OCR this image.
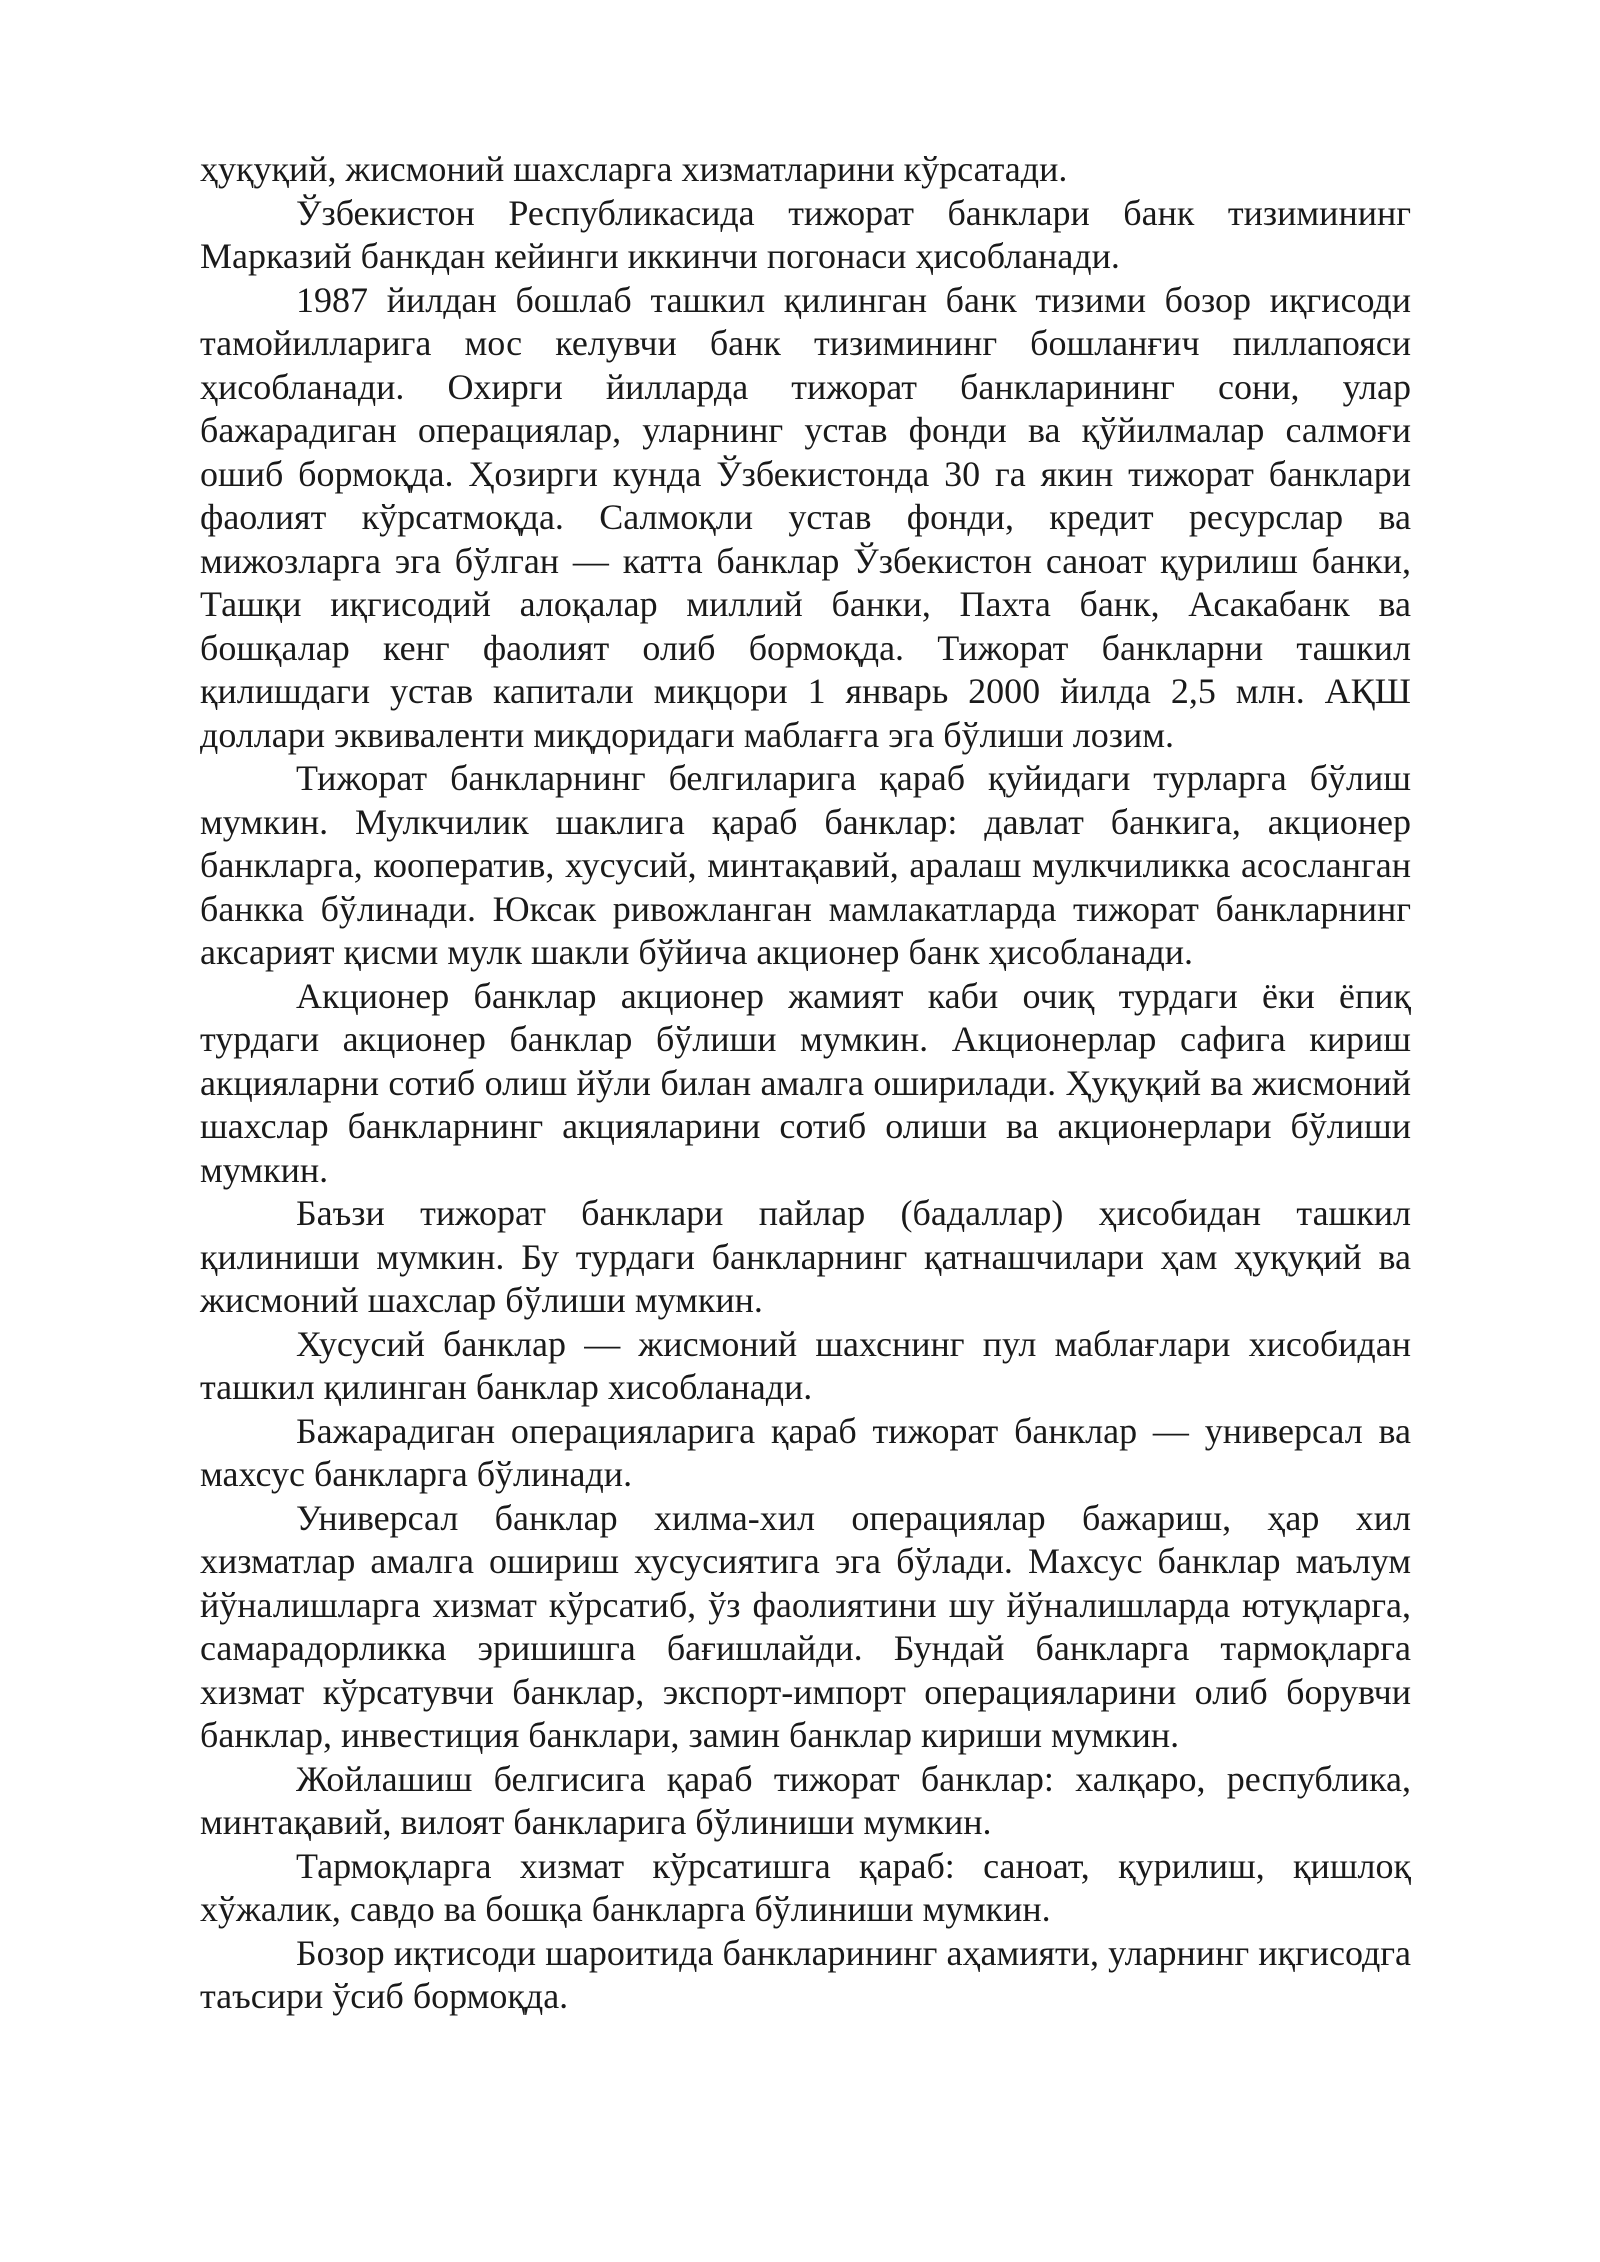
ҳуқуқий, жисмоний шахсларга хизматларини кўрсатади.

Ўзбекистон Республикасида тижорат банклари банк тизимининг Марказий банкдан кейинги иккинчи погонаси ҳисобланади.

1987 йилдан бошлаб ташкил қилинган банк тизими бозор иқгисоди тамойилларига мос келувчи банк тизимининг бошланғич пиллапояси ҳисобланади. Охирги йилларда тижорат банкларининг сони, улар бажарадиган операциялар, уларнинг устав фонди ва қўйилмалар салмоғи ошиб бормоқда. Ҳозирги кунда Ўзбекистонда 30 га якин тижорат банклари фаолият кўрсатмоқда. Салмоқли устав фонди, кредит ресурслар ва мижозларга эга бўлган — катта банклар Ўзбекистон саноат қурилиш банки, Ташқи иқгисодий алоқалар миллий банки, Пахта банк, Асакабанк ва бошқалар кенг фаолият олиб бормоқда. Тижорат банкларни ташкил қилишдаги устав капитали миқцори 1 январь 2000 йилда 2,5 млн. АҚШ доллари эквиваленти миқдоридаги маблағга эга бўлиши лозим.

Тижорат банкларнинг белгиларига қараб қуйидаги турларга бўлиш мумкин. Мулкчилик шаклига қараб банклар: давлат банкига, акционер банкларга, кооператив, хусусий, минтақавий, аралаш мулкчиликка асосланган банкка бўлинади. Юксак ривожланган мамлакатларда тижорат банкларнинг аксарият қисми мулк шакли бўйича акционер банк ҳисобланади.

Акционер банклар акционер жамият каби очиқ турдаги ёки ёпиқ турдаги акционер банклар бўлиши мумкин. Акционерлар сафига кириш акцияларни сотиб олиш йўли билан амалга оширилади. Ҳуқуқий ва жисмоний шахслар банкларнинг акцияларини сотиб олиши ва акционерлари бўлиши мумкин.

Баъзи тижорат банклари пайлар (бадаллар) ҳисобидан ташкил қилиниши мумкин. Бу турдаги банкларнинг қатнашчилари ҳам ҳуқуқий ва жисмоний шахслар бўлиши мумкин.

Хусусий банклар — жисмоний шахснинг пул маблағлари хисобидан ташкил қилинган банклар хисобланади.

Бажарадиган операцияларига қараб тижорат банклар — универсал ва махсус банкларга бўлинади.

Универсал банклар хилма-хил операциялар бажариш, ҳар хил хизматлар амалга ошириш хусусиятига эга бўлади. Махсус банклар маълум йўналишларга хизмат кўрсатиб, ўз фаолиятини шу йўналишларда ютуқларга, самарадорликка эришишга бағишлайди. Бундай банкларга тармоқларга хизмат кўрсатувчи банклар, экспорт-импорт операцияларини олиб борувчи банклар, инвестиция банклари, замин банклар кириши мумкин.

Жойлашиш белгисига қараб тижорат банклар: халқаро, республика, минтақавий, вилоят банкларига бўлиниши мумкин.

Тармоқларга хизмат кўрсатишга қараб: саноат, қурилиш, қишлоқ хўжалик, савдо ва бошқа банкларга бўлиниши мумкин.

Бозор иқтисоди шароитида банкларининг аҳамияти, уларнинг иқгисодга таъсири ўсиб бормоқда.
